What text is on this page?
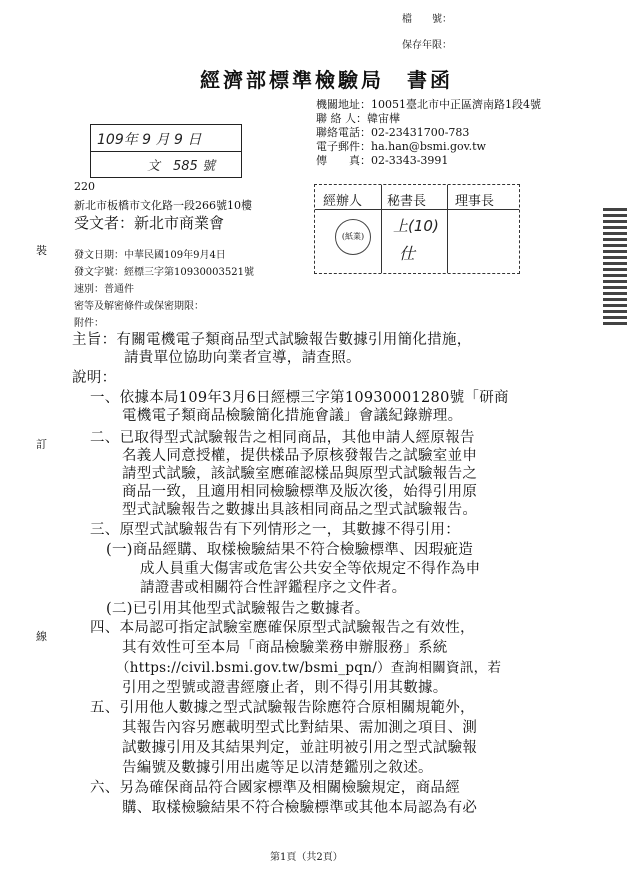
檔　　號：
保存年限：
經濟部標準檢驗局　書函
機關地址：10051臺北市中正區濟南路1段4號
聯 絡 人：韓宙樺
聯絡電話：02-23431700-783
電子郵件：ha.han@bsmi.gov.tw
傳　　真：02-3343-3991
109年 9 月 9 日
文　585 號
220
新北市板橋市文化路一段266號10樓
受文者：新北市商業會
經辦人 秘書長 理事長
上(10)
仕
(紙業)
裝
訂
線
發文日期：中華民國109年9月4日
發文字號：經標三字第10930003521號
速別：普通件
密等及解密條件或保密期限：
附件：
主旨：有關電機電子類商品型式試驗報告數據引用簡化措施，
請貴單位協助向業者宣導，請查照。
說明：
一、依據本局109年3月6日經標三字第10930001280號「研商
電機電子類商品檢驗簡化措施會議」會議紀錄辦理。
二、已取得型式試驗報告之相同商品，其他申請人經原報告
名義人同意授權，提供樣品予原核發報告之試驗室並申
請型式試驗，該試驗室應確認樣品與原型式試驗報告之
商品一致，且適用相同檢驗標準及版次後，始得引用原
型式試驗報告之數據出具該相同商品之型式試驗報告。
三、原型式試驗報告有下列情形之一，其數據不得引用：
(一)商品經購、取樣檢驗結果不符合檢驗標準、因瑕疵造
成人員重大傷害或危害公共安全等依規定不得作為申
請證書或相關符合性評鑑程序之文件者。
(二)已引用其他型式試驗報告之數據者。
四、本局認可指定試驗室應確保原型式試驗報告之有效性，
其有效性可至本局「商品檢驗業務申辦服務」系統
（https://civil.bsmi.gov.tw/bsmi_pqn/）查詢相關資訊，若
引用之型號或證書經廢止者，則不得引用其數據。
五、引用他人數據之型式試驗報告除應符合原相關規範外，
其報告內容另應載明型式比對結果、需加測之項目、測
試數據引用及其結果判定，並註明被引用之型式試驗報
告編號及數據引用出處等足以清楚鑑別之敘述。
六、另為確保商品符合國家標準及相關檢驗規定，商品經
購、取樣檢驗結果不符合檢驗標準或其他本局認為有必
第1頁（共2頁）
